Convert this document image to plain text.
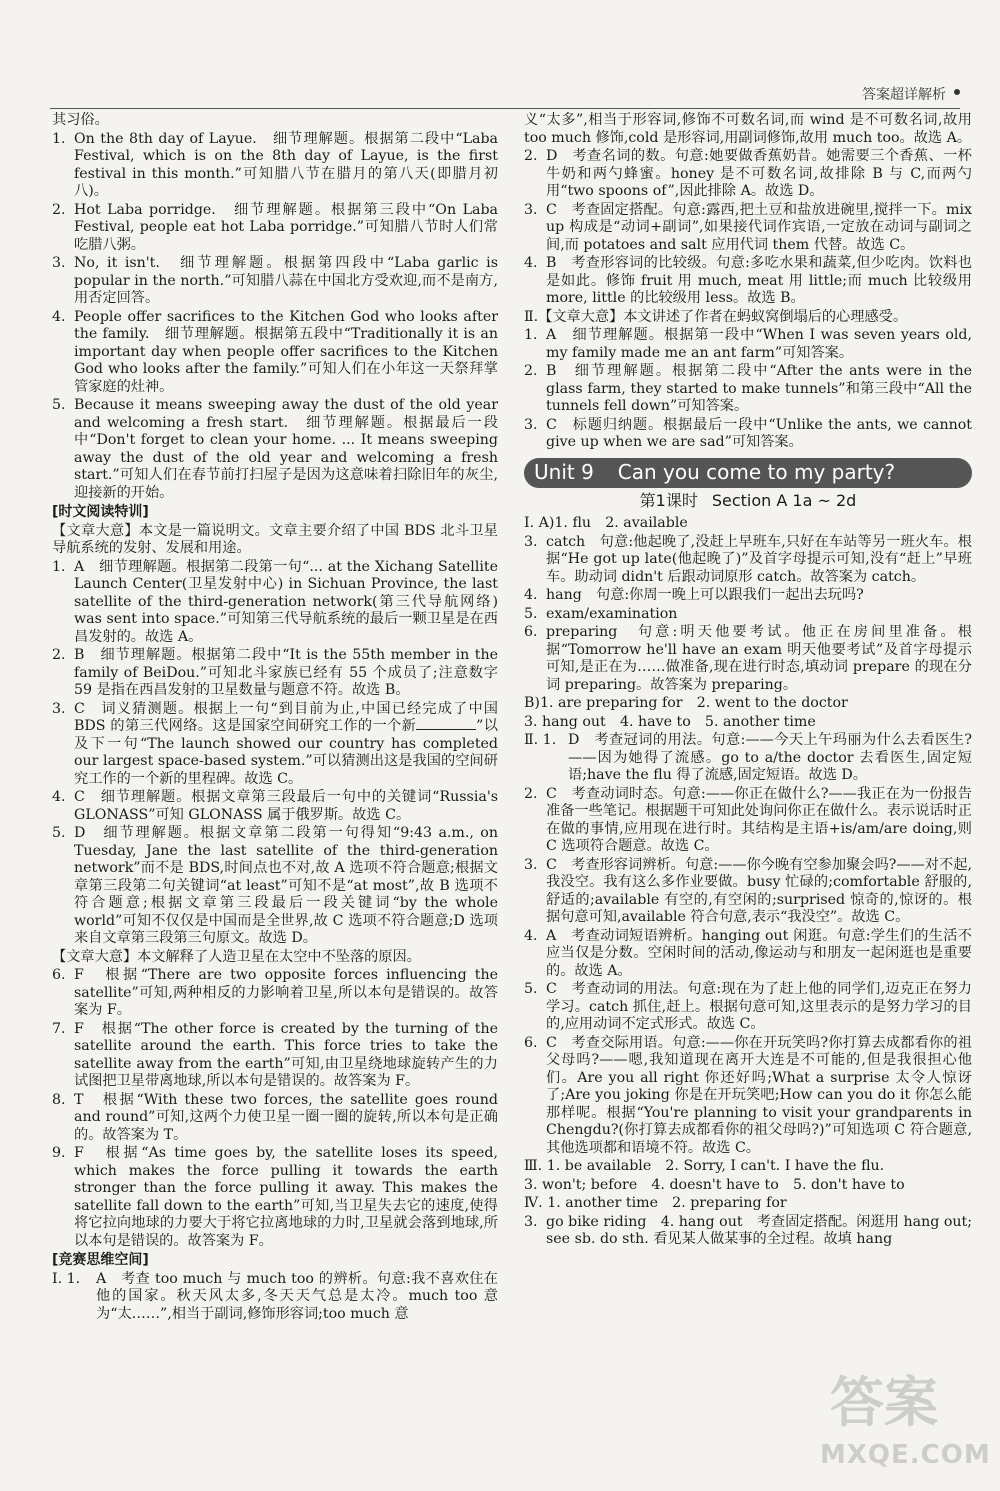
答案超详解析

其习俗。

1. On the 8th day of Layue.　细节理解题。根据第二段中“Laba Festival, which is on the 8th day of Layue, is the first festival in this month.”可知腊八节在腊月的第八天(即腊月初八)。
2. Hot Laba porridge.　细节理解题。根据第三段中“On Laba Festival, people eat hot Laba porridge.”可知腊八节时人们常吃腊八粥。
3. No, it isn't.　细节理解题。根据第四段中“Laba garlic is popular in the north.”可知腊八蒜在中国北方受欢迎,而不是南方,用否定回答。
4. People offer sacrifices to the Kitchen God who looks after the family.　细节理解题。根据第五段中“Traditionally it is an important day when people offer sacrifices to the Kitchen God who looks after the family.”可知人们在小年这一天祭拜掌管家庭的灶神。
5. Because it means sweeping away the dust of the old year and welcoming a fresh start.　细节理解题。根据最后一段中“Don't forget to clean your home. ... It means sweeping away the dust of the old year and welcoming a fresh start.”可知人们在春节前打扫屋子是因为这意味着扫除旧年的灰尘,迎接新的开始。
[时文阅读特训]

【文章大意】本文是一篇说明文。文章主要介绍了中国 BDS 北斗卫星导航系统的发射、发展和用途。

1. A　细节理解题。根据第二段第一句“... at the Xichang Satellite Launch Center(卫星发射中心) in Sichuan Province, the last satellite of the third-generation network(第三代导航网络) was sent into space.”可知第三代导航系统的最后一颗卫星是在西昌发射的。故选 A。
2. B　细节理解题。根据第二段中“It is the 55th member in the family of BeiDou.”可知北斗家族已经有 55 个成员了;注意数字 59 是指在西昌发射的卫星数量与题意不符。故选 B。
3. C　词义猜测题。根据上一句“到目前为止,中国已经完成了中国 BDS 的第三代网络。这是国家空间研究工作的一个新	”以及下一句“The launch showed our country has completed our largest space-based system.”可以猜测出这是我国的空间研究工作的一个新的里程碑。故选 C。
4. C　细节理解题。根据文章第三段最后一句中的关键词“Russia's GLONASS”可知 GLONASS 属于俄罗斯。故选 C。
5. D　细节理解题。根据文章第二段第一句得知“9:43 a.m., on Tuesday, Jane the last satellite of the third-generation network”而不是 BDS,时间点也不对,故 A 选项不符合题意;根据文章第三段第二句关键词“at least”可知不是“at most”,故 B 选项不符合题意;根据文章第三段最后一段关键词“by the whole world”可知不仅仅是中国而是全世界,故 C 选项不符合题意;D 选项来自文章第三段第三句原文。故选 D。

【文章大意】本文解释了人造卫星在太空中不坠落的原因。

6. F　根据“There are two opposite forces influencing the satellite”可知,两种相反的力影响着卫星,所以本句是错误的。故答案为 F。
7. F　根据“The other force is created by the turning of the satellite around the earth. This force tries to take the satellite away from the earth”可知,由卫星绕地球旋转产生的力试图把卫星带离地球,所以本句是错误的。故答案为 F。
8. T　根据“With these two forces, the satellite goes round and round”可知,这两个力使卫星一圈一圈的旋转,所以本句是正确的。故答案为 T。
9. F　根据“As time goes by, the satellite loses its speed, which makes the force pulling it towards the earth stronger than the force pulling it away. This makes the satellite fall down to the earth”可知,当卫星失去它的速度,使得将它拉向地球的力要大于将它拉离地球的力时,卫星就会落到地球,所以本句是错误的。故答案为 F。
[竞赛思维空间]
Ⅰ. 1.	A　考查 too much 与 much too 的辨析。句意:我不喜欢住在他的国家。秋天风太多,冬天天气总是太冷。much too 意为“太……”,相当于副词,修饰形容词;too much 意

义“太多”,相当于形容词,修饰不可数名词,而 wind 是不可数名词,故用 too much 修饰,cold 是形容词,用副词修饰,故用 much too。故选 A。

2. D　考查名词的数。句意:她要做香蕉奶昔。她需要三个香蕉、一杯牛奶和两勺蜂蜜。honey 是不可数名词,故排除 B 与 C,而两勺用“two spoons of”,因此排除 A。故选 D。
3. C　考查固定搭配。句意:露西,把土豆和盐放进碗里,搅拌一下。mix up 构成是“动词+副词”,如果接代词作宾语,一定放在动词与副词之间,而 potatoes and salt 应用代词 them 代替。故选 C。
4. B　考查形容词的比较级。句意:多吃水果和蔬菜,但少吃肉。饮料也是如此。修饰 fruit 用 much, meat 用 little;而 much 比较级用 more, little 的比较级用 less。故选 B。

Ⅱ.【文章大意】本文讲述了作者在蚂蚁窝倒塌后的心理感受。

1. A　细节理解题。根据第一段中“When I was seven years old, my family made me an ant farm”可知答案。
2. B　细节理解题。根据第二段中“After the ants were in the glass farm, they started to make tunnels”和第三段中“All the tunnels fell down”可知答案。
3. C　标题归纳题。根据最后一段中“Unlike the ants, we cannot give up when we are sad”可知答案。
Unit 9 Can you come to my party?
第1课时 Section A 1a ~ 2d

Ⅰ. A)1. flu　2. available

3. catch　句意:他起晚了,没赶上早班车,只好在车站等另一班火车。根据“He got up late(他起晚了)”及首字母提示可知,没有“赶上”早班车。助动词 didn't 后跟动词原形 catch。故答案为 catch。
4. hang　句意:你周一晚上可以跟我们一起出去玩吗?
5. exam/examination
6. preparing　句意:明天他要考试。他正在房间里准备。根据“Tomorrow he'll have an exam 明天他要考试”及首字母提示可知,是正在为……做准备,现在进行时态,填动词 prepare 的现在分词 preparing。故答案为 preparing。

B)1. are preparing for　2. went to the doctor

3. hang out　4. have to　5. another time

Ⅱ. 1. D　考查冠词的用法。句意:——今天上午玛丽为什么去看医生?——因为她得了流感。go to a/the doctor 去看医生,固定短语;have the flu 得了流感,固定短语。故选 D。
2. C　考查动词时态。句意:——你正在做什么?——我正在为一份报告准备一些笔记。根据题干可知此处询问你正在做什么。表示说话时正在做的事情,应用现在进行时。其结构是主语+is/am/are doing,则 C 选项符合题意。故选 C。
3. C　考查形容词辨析。句意:——你今晚有空参加聚会吗?——对不起,我没空。我有这么多作业要做。busy 忙碌的;comfortable 舒服的,舒适的;available 有空的,有空闲的;surprised 惊奇的,惊讶的。根据句意可知,available 符合句意,表示“我没空”。故选 C。
4. A　考查动词短语辨析。hanging out 闲逛。句意:学生们的生活不应当仅是分数。空闲时间的活动,像运动与和朋友一起闲逛也是重要的。故选 A。
5. C　考查动词的用法。句意:现在为了赶上他的同学们,迈克正在努力学习。catch 抓住,赶上。根据句意可知,这里表示的是努力学习的目的,应用动词不定式形式。故选 C。
6. C　考查交际用语。句意:——你在开玩笑吗?你打算去成都看你的祖父母吗?——嗯,我知道现在离开大连是不可能的,但是我很担心他们。Are you all right 你还好吗;What a surprise 太令人惊讶了;Are you joking 你是在开玩笑吧;How can you do it 你怎么能那样呢。根据“You're planning to visit your grandparents in Chengdu?(你打算去成都看你的祖父母吗?)”可知选项 C 符合题意,其他选项都和语境不符。故选 C。

Ⅲ. 1. be available　2. Sorry, I can't. I have the flu.

3. won't; before　4. doesn't have to　5. don't have to

Ⅳ. 1. another time　2. preparing for

3. go bike riding　4. hang out　考查固定搭配。闲逛用 hang out; see sb. do sth. 看见某人做某事的全过程。故填 hang
答案
MXQE.COM
